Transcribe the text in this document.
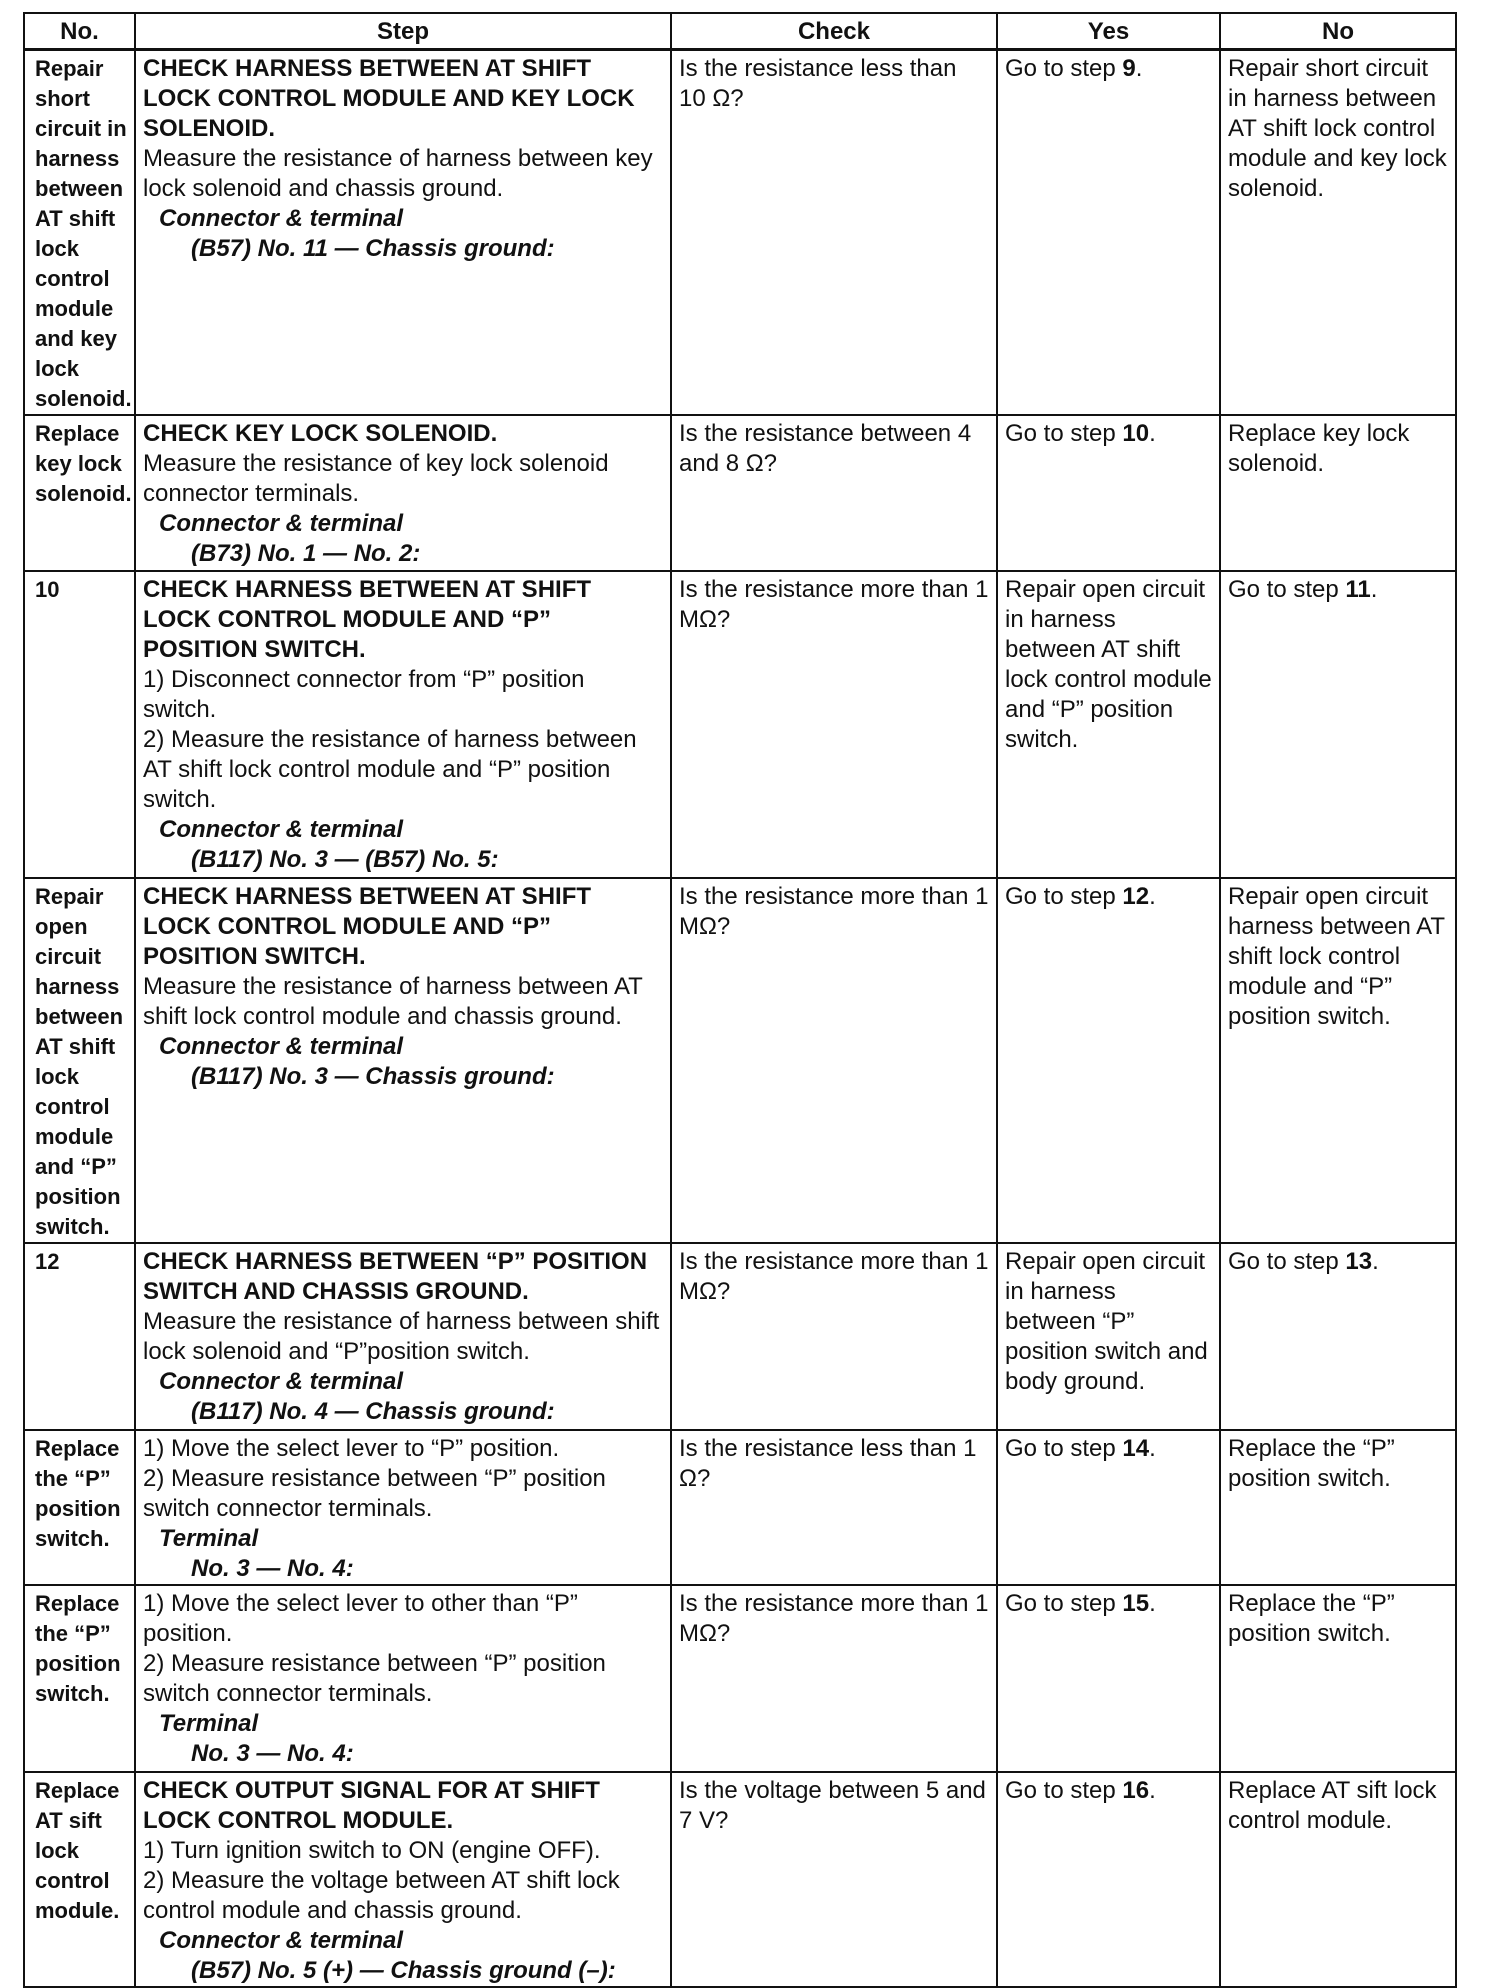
No.	Step	Check	Yes	No
Repair short circuit in harness between AT shift lock control module and key lock solenoid.	CHECK HARNESS BETWEEN AT SHIFT LOCK CONTROL MODULE AND KEY LOCK SOLENOID.
Measure the resistance of harness between key lock solenoid and chassis ground.
Connector & terminal
(B57) No. 11 — Chassis ground:	Is the resistance less than 10 Ω?	Go to step 9.	Repair short circuit in harness between AT shift lock control module and key lock solenoid.
Replace key lock solenoid.	CHECK KEY LOCK SOLENOID.
Measure the resistance of key lock solenoid connector terminals.
Connector & terminal
(B73) No. 1 — No. 2:	Is the resistance between 4 and 8 Ω?	Go to step 10.	Replace key lock solenoid.
10	CHECK HARNESS BETWEEN AT SHIFT LOCK CONTROL MODULE AND “P” POSITION SWITCH.
1) Disconnect connector from “P” position switch.
2) Measure the resistance of harness between AT shift lock control module and “P” position switch.
Connector & terminal
(B117) No. 3 — (B57) No. 5:	Is the resistance more than 1 MΩ?	Repair open circuit in harness between AT shift lock control module and “P” position switch.	Go to step 11.
Repair open circuit harness between AT shift lock control module and “P” position switch.	CHECK HARNESS BETWEEN AT SHIFT LOCK CONTROL MODULE AND “P” POSITION SWITCH.
Measure the resistance of harness between AT shift lock control module and chassis ground.
Connector & terminal
(B117) No. 3 — Chassis ground:	Is the resistance more than 1 MΩ?	Go to step 12.	Repair open circuit harness between AT shift lock control module and “P” position switch.
12	CHECK HARNESS BETWEEN “P” POSITION SWITCH AND CHASSIS GROUND.
Measure the resistance of harness between shift lock solenoid and “P”position switch.
Connector & terminal
(B117) No. 4 — Chassis ground:	Is the resistance more than 1 MΩ?	Repair open circuit in harness between “P” position switch and body ground.	Go to step 13.
Replace the “P” position switch.	1) Move the select lever to “P” position.
2) Measure resistance between “P” position switch connector terminals.
Terminal
No. 3 — No. 4:	Is the resistance less than 1 Ω?	Go to step 14.	Replace the “P” position switch.
Replace the “P” position switch.	1) Move the select lever to other than “P” position.
2) Measure resistance between “P” position switch connector terminals.
Terminal
No. 3 — No. 4:	Is the resistance more than 1 MΩ?	Go to step 15.	Replace the “P” position switch.
Replace AT sift lock control module.	CHECK OUTPUT SIGNAL FOR AT SHIFT LOCK CONTROL MODULE.
1) Turn ignition switch to ON (engine OFF).
2) Measure the voltage between AT shift lock control module and chassis ground.
Connector & terminal
(B57) No. 5 (+) — Chassis ground (–):	Is the voltage between 5 and 7 V?	Go to step 16.	Replace AT sift lock control module.
